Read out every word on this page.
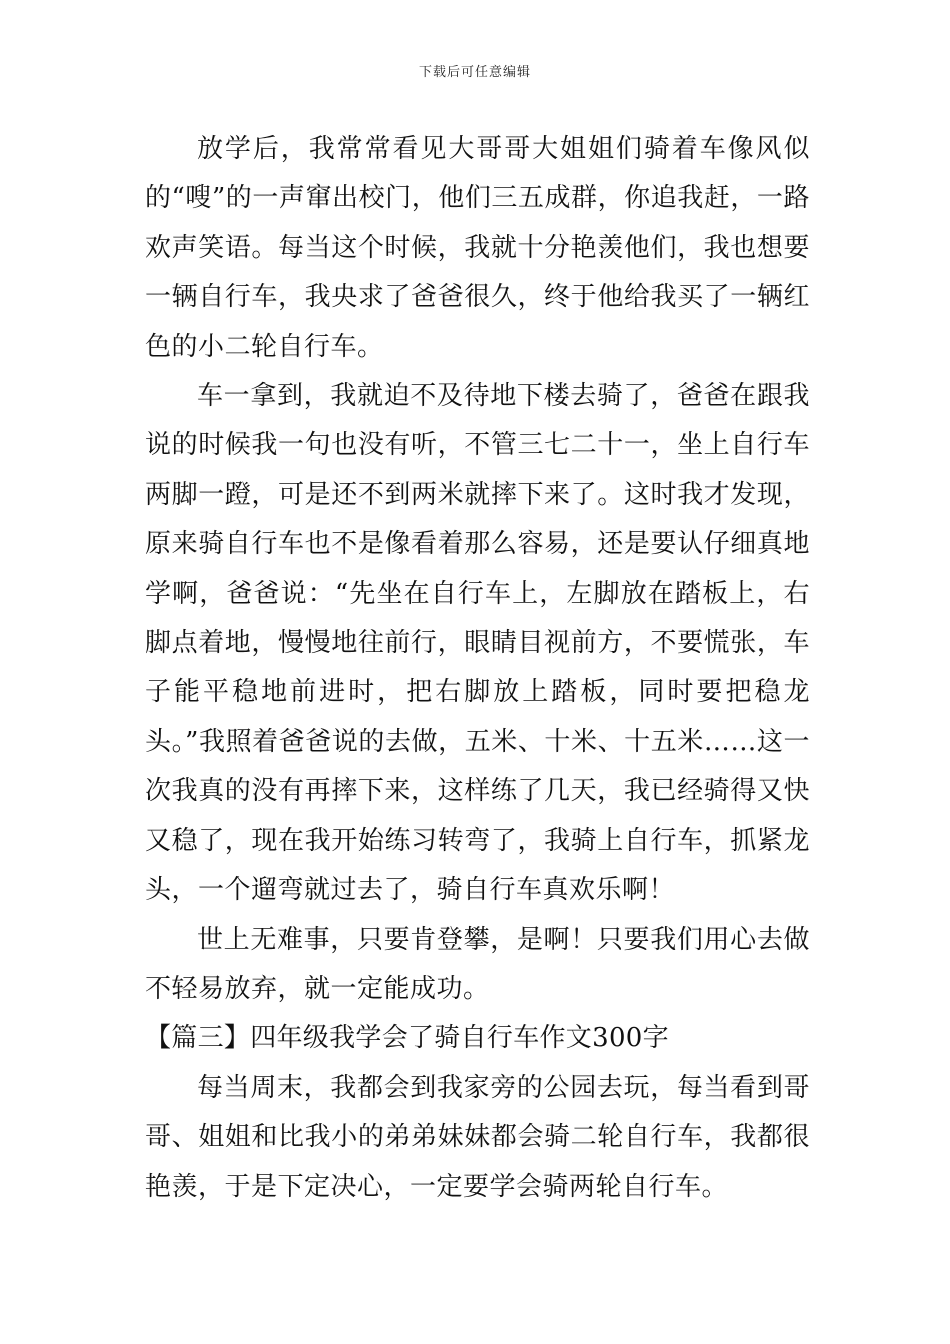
下载后可任意编辑

放学后，我常常看见大哥哥大姐姐们骑着车像风似的“嗖”的一声窜出校门，他们三五成群，你追我赶，一路欢声笑语。每当这个时候，我就十分艳羡他们，我也想要一辆自行车，我央求了爸爸很久，终于他给我买了一辆红色的小二轮自行车。

车一拿到，我就迫不及待地下楼去骑了，爸爸在跟我说的时候我一句也没有听，不管三七二十一，坐上自行车两脚一蹬，可是还不到两米就摔下来了。这时我才发现，原来骑自行车也不是像看着那么容易，还是要认仔细真地学啊，爸爸说：“先坐在自行车上，左脚放在踏板上，右脚点着地，慢慢地往前行，眼睛目视前方，不要慌张，车子能平稳地前进时，把右脚放上踏板，同时要把稳龙头。”我照着爸爸说的去做，五米、十米、十五米……这一次我真的没有再摔下来，这样练了几天，我已经骑得又快又稳了，现在我开始练习转弯了，我骑上自行车，抓紧龙头，一个遛弯就过去了，骑自行车真欢乐啊！

世上无难事，只要肯登攀，是啊！只要我们用心去做不轻易放弃，就一定能成功。

【篇三】四年级我学会了骑自行车作文300字

每当周末，我都会到我家旁的公园去玩，每当看到哥哥、姐姐和比我小的弟弟妹妹都会骑二轮自行车，我都很艳羡，于是下定决心，一定要学会骑两轮自行车。
